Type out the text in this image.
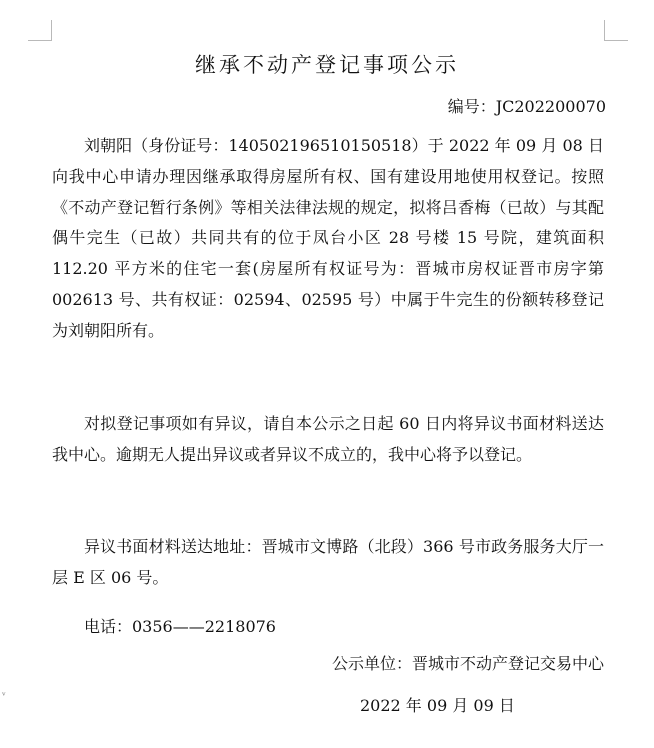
继承不动产登记事项公示
编号：JC202200070

刘朝阳（身份证号：140502196510150518）于 2022 年 09 月 08 日向我中心申请办理因继承取得房屋所有权、国有建设用地使用权登记。按照《不动产登记暂行条例》等相关法律法规的规定，拟将吕香梅（已故）与其配偶牛完生（已故）共同共有的位于凤台小区 28 号楼 15 号院，建筑面积 112.20 平方米的住宅一套(房屋所有权证号为：晋城市房权证晋市房字第 002613 号、共有权证：02594、02595 号）中属于牛完生的份额转移登记为刘朝阳所有。

对拟登记事项如有异议，请自本公示之日起 60 日内将异议书面材料送达我中心。逾期无人提出异议或者异议不成立的，我中心将予以登记。

异议书面材料送达地址：晋城市文博路（北段）366 号市政务服务大厅一层 E 区 06 号。

电话：0356——2218076

公示单位：晋城市不动产登记交易中心
2022 年 09 月 09 日
ᵛ
